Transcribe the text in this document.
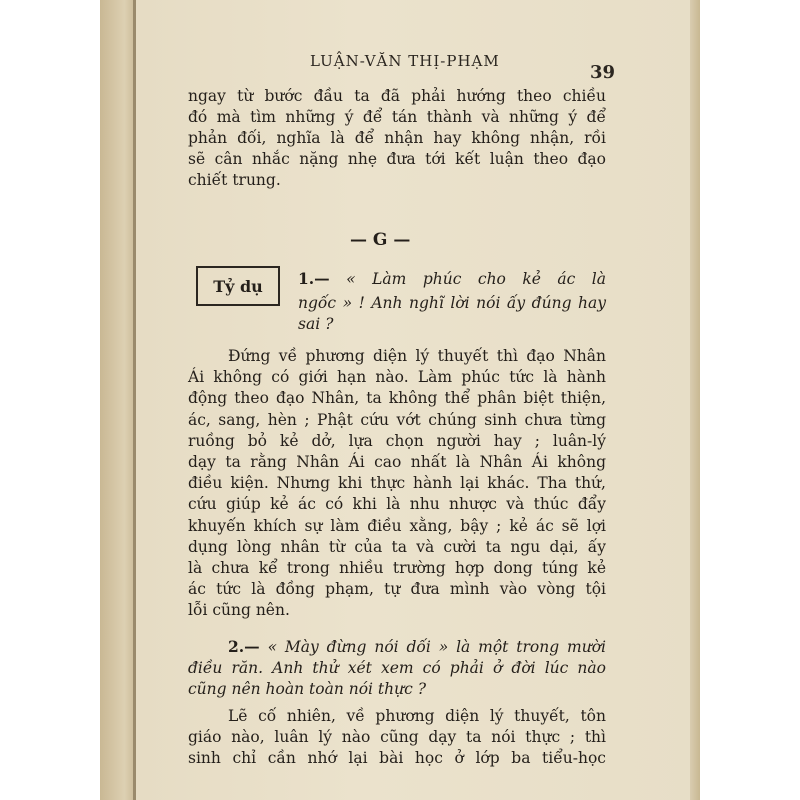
LUẬN-VĂN THỊ-PHẠM
39
ngay từ bước đầu ta đã phải hướng theo chiều
đó mà tìm những ý để tán thành và những ý để
phản đối, nghĩa là để nhận hay không nhận, rồi
sẽ cân nhắc nặng nhẹ đưa tới kết luận theo đạo
chiết trung.
— G —
Tỷ dụ	1.— « Làm phúc cho kẻ ác là
ngốc » ! Anh nghĩ lời nói ấy đúng hay
sai ?
Đứng về phương diện lý thuyết thì đạo Nhân
Ái không có giới hạn nào. Làm phúc tức là hành
động theo đạo Nhân, ta không thể phân biệt thiện,
ác, sang, hèn ; Phật cứu vớt chúng sinh chưa từng
ruồng bỏ kẻ dở, lựa chọn người hay ; luân-lý
dạy ta rằng Nhân Ái cao nhất là Nhân Ái không
điều kiện. Nhưng khi thực hành lại khác. Tha thứ,
cứu giúp kẻ ác có khi là nhu nhược và thúc đẩy
khuyến khích sự làm điều xằng, bậy ; kẻ ác sẽ lợi
dụng lòng nhân từ của ta và cười ta ngu dại, ấy
là chưa kể trong nhiều trường hợp dong túng kẻ
ác tức là đồng phạm, tự đưa mình vào vòng tội
lỗi cũng nên.
2.— « Mày đừng nói dối » là một trong mười
điều răn. Anh thử xét xem có phải ở đời lúc nào
cũng nên hoàn toàn nói thực ?
Lẽ cố nhiên, về phương diện lý thuyết, tôn
giáo nào, luân lý nào cũng dạy ta nói thực ; thì
sinh chỉ cần nhớ lại bài học ở lớp ba tiểu-học
